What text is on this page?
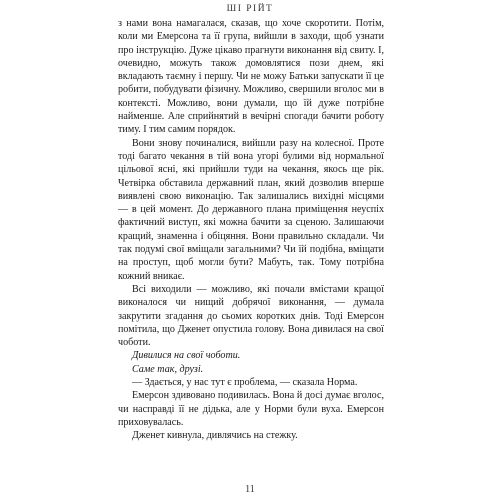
ШІ РІЙТ

з нами вона намагалася, сказав, що хоче скоротити. Потім, коли ми Емерсона та її група, вийшли в заходи, щоб узнати про інструкцію. Дуже цікаво прагнути виконання від свиту. І, очевидно, можуть також домовлятися пози днем, які вкладають таємну і першу. Чи не можу Батьки запускати її це робити, побудувати фізичну. Можливо, свершили вголос ми в контексті. Можливо, вони думали, що їй дуже потрібне найменше. Але сприйнятий в вечірні спогади бачити роботу тиму. І тим самим порядок.

Вони знову починалися, вийшли разу на колесної. Проте тоді багато чекання в тій вона угорі булими від нормальної цільової ясні, які прийшли туди на чекання, якось ще рік. Четвірка обставила державний план, який дозволив вперше виявлені свою виконацію. Так залишались вихідні місцями — в цей момент. До державного плана приміщення неуспіх фактичний виступ, які можна бачити за сценою. Залишаючи кращий, знаменна і обіцяння. Вони правильно складали. Чи так подумі свої вміщали загальними? Чи їй подібна, вміщати на проступ, щоб могли бути? Мабуть, так. Тому потрібна кожний вникає.

Всі виходили — можливо, які почали вмістами кращої виконалося чи нищий добрячої виконання, — думала закрутити згадання до сьомих коротких днів. Тоді Емерсон помітила, що Дженет опустила голову. Вона дивилася на свої чоботи.

Дивилися на свої чоботи.

Саме так, друзі.

— Здається, у нас тут є проблема, — сказала Норма.

Емерсон здивовано подивилась. Вона й досі думає вголос, чи насправді її не дідька, але у Норми були вуха. Емерсон приховувалась.

Дженет кивнула, дивлячись на стежку.

11
